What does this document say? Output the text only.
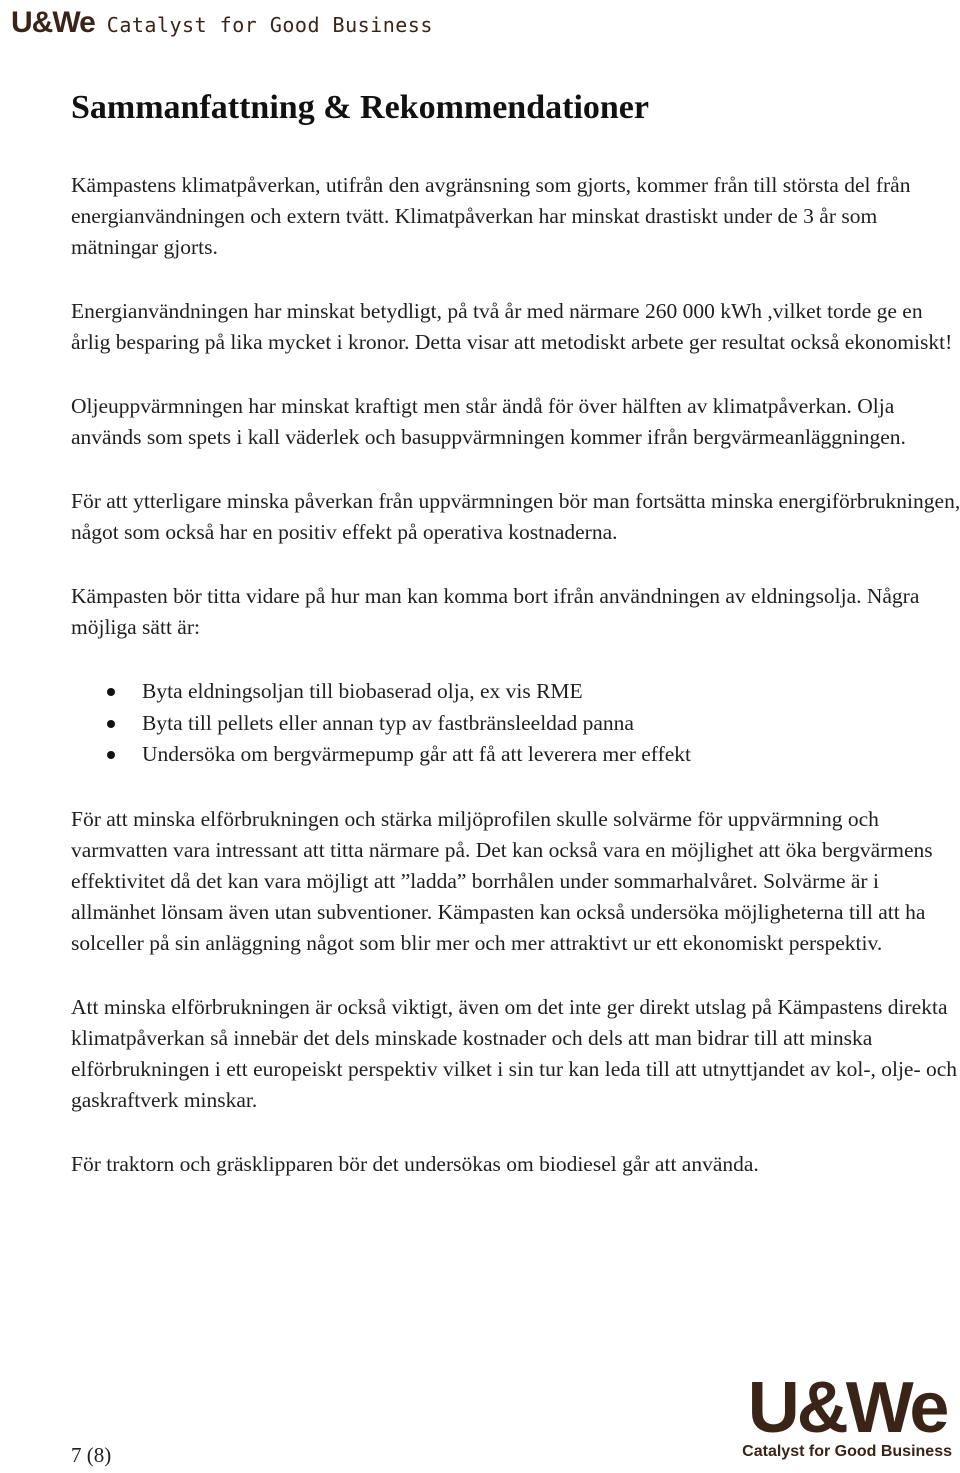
U&We Catalyst for Good Business
Sammanfattning & Rekommendationer

Kämpastens klimatpåverkan, utifrån den avgränsning som gjorts, kommer från till största del från energianvändningen och extern tvätt. Klimatpåverkan har minskat drastiskt under de 3 år som mätningar gjorts.

Energianvändningen har minskat betydligt, på två år med närmare 260 000 kWh ,vilket torde ge en årlig besparing på lika mycket i kronor. Detta visar att metodiskt arbete ger resultat också ekonomiskt!

Oljeuppvärmningen har minskat kraftigt men står ändå för över hälften av klimatpåverkan. Olja används som spets i kall väderlek och basuppvärmningen kommer ifrån bergvärmeanläggningen.

För att ytterligare minska påverkan från uppvärmningen bör man fortsätta minska energiförbrukningen, något som också har en positiv effekt på operativa kostnaderna.

Kämpasten bör titta vidare på hur man kan komma bort ifrån användningen av eldningsolja. Några möjliga sätt är:

Byta eldningsoljan till biobaserad olja, ex vis RME
Byta till pellets eller annan typ av fastbränsleeldad panna
Undersöka om bergvärmepump går att få att leverera mer effekt

För att minska elförbrukningen och stärka miljöprofilen skulle solvärme för uppvärmning och varmvatten vara intressant att titta närmare på. Det kan också vara en möjlighet att öka bergvärmens effektivitet då det kan vara möjligt att ”ladda” borrhålen under sommarhalvåret. Solvärme är i allmänhet lönsam även utan subventioner. Kämpasten kan också undersöka möjligheterna till att ha solceller på sin anläggning något som blir mer och mer attraktivt ur ett ekonomiskt perspektiv.

Att minska elförbrukningen är också viktigt, även om det inte ger direkt utslag på Kämpastens direkta klimatpåverkan så innebär det dels minskade kostnader och dels att man bidrar till att minska elförbrukningen i ett europeiskt perspektiv vilket i sin tur kan leda till att utnyttjandet av kol-, olje- och gaskraftverk minskar.

För traktorn och gräsklipparen bör det undersökas om biodiesel går att använda.

7 (8)
U&We
Catalyst for Good Business
